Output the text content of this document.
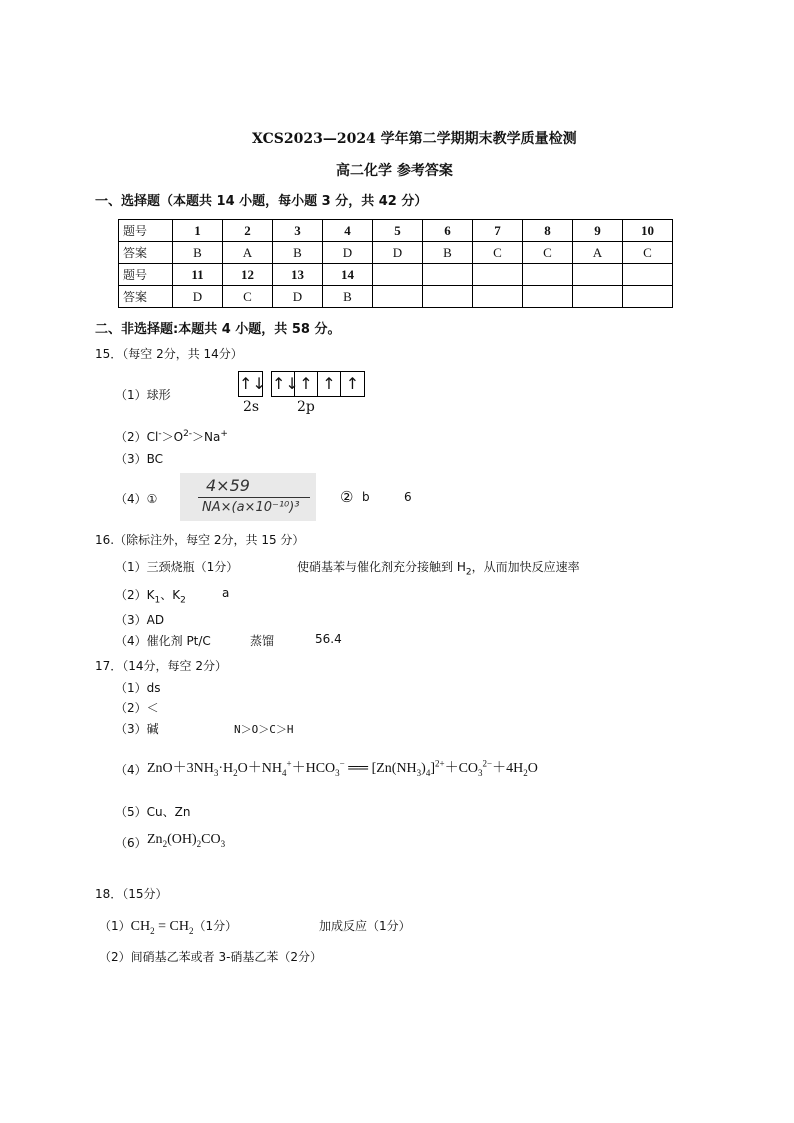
XCS2023—2024 学年第二学期期末教学质量检测
高二化学 参考答案
一、选择题（本题共 14 小题，每小题 3 分，共 42 分）
题号	1	2	3	4	5	6	7	8	9	10
答案	B	A	B	D	D	B	C	C	A	C
题号	11	12	13	14						
答案	D	C	D	B						
二、非选择题:本题共 4 小题，共 58 分。
15．（每空 2分，共 14分）
（1）球形
↑↓ ↑↓ ↑ ↑ ↑
2s	2p
$(2)Cl^->O^{2-}>Na^+$
（3）BC
（4）①
4×59
NA×(a×10⁻¹⁰)³
② b	6
16.（除标注外，每空 2分，共 15 分）
（1）三颈烧瓶（1分）	使硝基苯与催化剂充分接触到 $H_2$，从而加快反应速率
$(2)K_1$、$K_2$
a
（3）AD
（4）催化剂 Pt/C	蒸馏	56.4
17．（14分，每空 2分）
（1）ds
（2）＜
（3）碱	N＞O＞C＞H
（4） $ZnO+3NH_3\cdot H_2O+NH_4^++HCO_3^-$ ══ $[Zn(NH_3)_4]^{2+}+CO_3^{2-}+4H_2O$
（5）Cu、Zn
（6） $Zn_2(OH)_2CO_3$
18．（15分）
$(1)CH_2 = CH_2(1$分）	加成反应（1分）
（2）间硝基乙苯或者 3-硝基乙苯（2分）
